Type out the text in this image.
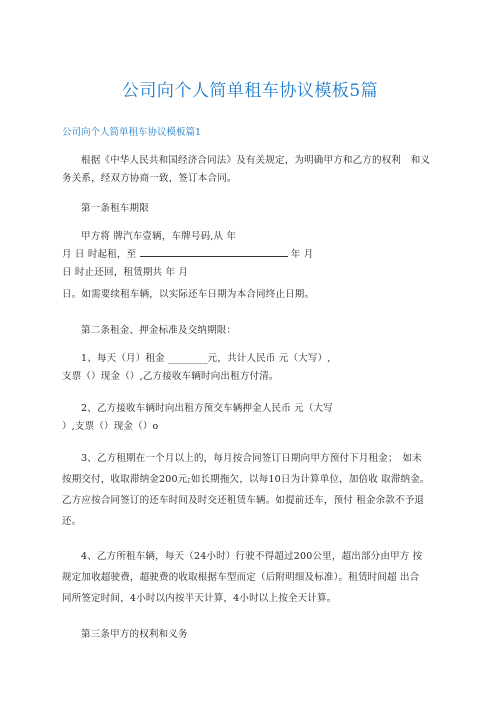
公司向个人简单租车协议模板5篇
公司向个人简单租车协议模板篇1
根据《中华人民共和国经济合同法》及有关规定，为明确甲方和乙方的权利　和义
务关系，经双方协商一致，签订本合同。
第一条租车期限
甲方将 牌汽车壹辆，车牌号码,从 年
月 日 时起租，至	年 月
日 时止还回，租赁期共 年 月
日。如需要续租车辆，以实际还车日期为本合同终止日期。
第二条租金、押金标准及交纳期限：
1、每天（月）租金 ________元，共计人民币 元（大写）,
支票（）现金（）,乙方接收车辆时向出租方付清。
2、乙方接收车辆时向出租方预交车辆押金人民币 元（大写
）,支票（）现金（）o
3、乙方租期在一个月以上的，每月按合同签订日期向甲方预付下月租金；　如未
按期交付，收取滞纳金200元;如长期拖欠，以每10日为计算单位，加倍收 取滞纳金。
乙方应按合同签订的还车时间及时交还租赁车辆。如提前还车，预付 租金余款不予退
还。
4、乙方所租车辆，每天（24小时）行驶不得超过200公里，超出部分由甲方 按
规定加收超驶费，超驶费的收取根据车型而定（后附明细及标准）。租赁时间超 出合
同所签定时间，4小时以内按半天计算，4小时以上按全天计算。
第三条甲方的权利和义务
